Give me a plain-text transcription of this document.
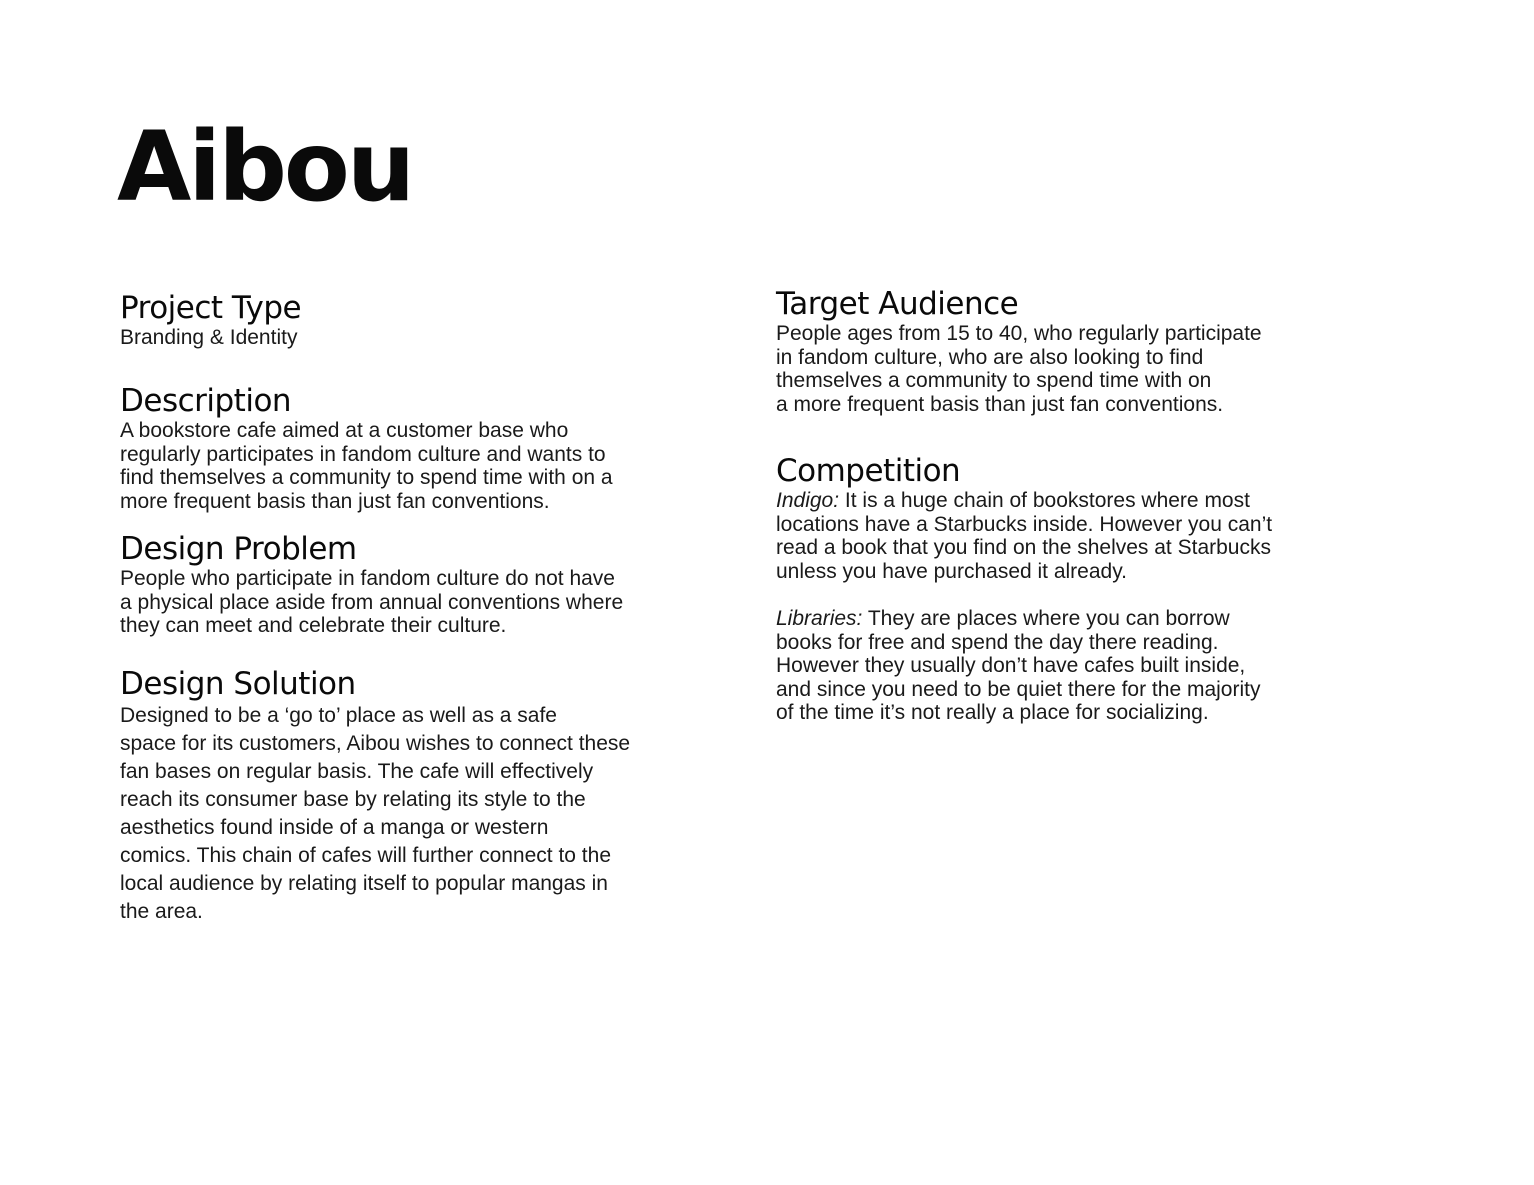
Aibou
Project Type

Branding & Identity

Description

A bookstore cafe aimed at a customer base who
regularly participates in fandom culture and wants to
find themselves a community to spend time with on a
more frequent basis than just fan conventions.

Design Problem

People who participate in fandom culture do not have
a physical place aside from annual conventions where
they can meet and celebrate their culture.

Design Solution

Designed to be a ‘go to’ place as well as a safe
space for its customers, Aibou wishes to connect these
fan bases on regular basis. The cafe will effectively
reach its consumer base by relating its style to the
aesthetics found inside of a manga or western
comics. This chain of cafes will further connect to the
local audience by relating itself to popular mangas in
the area.

Target Audience

People ages from 15 to 40, who regularly participate
in fandom culture, who are also looking to find
themselves a community to spend time with on
a more frequent basis than just fan conventions.

Competition

Indigo: It is a huge chain of bookstores where most
locations have a Starbucks inside. However you can’t
read a book that you find on the shelves at Starbucks
unless you have purchased it already.

Libraries: They are places where you can borrow
books for free and spend the day there reading.
However they usually don’t have cafes built inside,
and since you need to be quiet there for the majority
of the time it’s not really a place for socializing.
